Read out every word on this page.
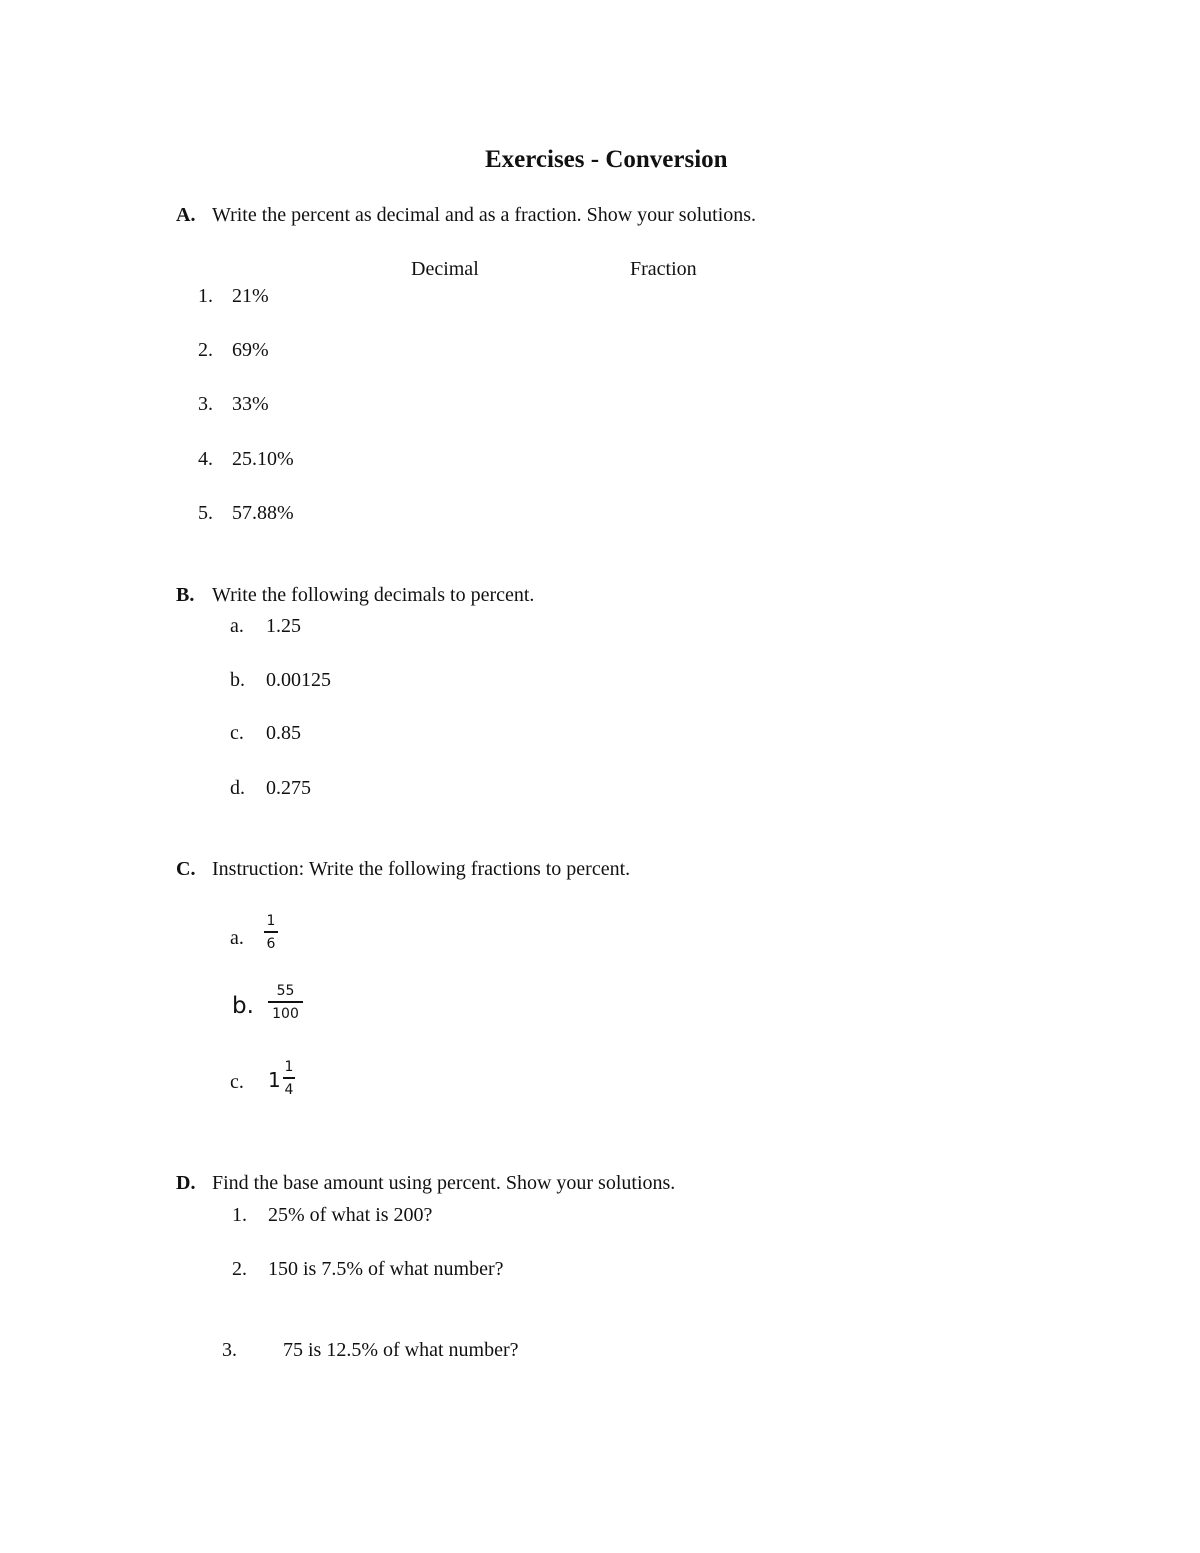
Exercises - Conversion
A. Write the percent as decimal and as a fraction. Show your solutions.
Decimal	Fraction
1. 21%
2. 69%
3. 33%
4. 25.10%
5. 57.88%
B. Write the following decimals to percent.
a. 1.25
b. 0.00125
c. 0.85
d. 0.275
C. Instruction: Write the following fractions to percent.
a.
1
6
b.
55
100
c. 1
1
4
D. Find the base amount using percent. Show your solutions.
1. 25% of what is 200?
2. 150 is 7.5% of what number?
3. 75 is 12.5% of what number?
